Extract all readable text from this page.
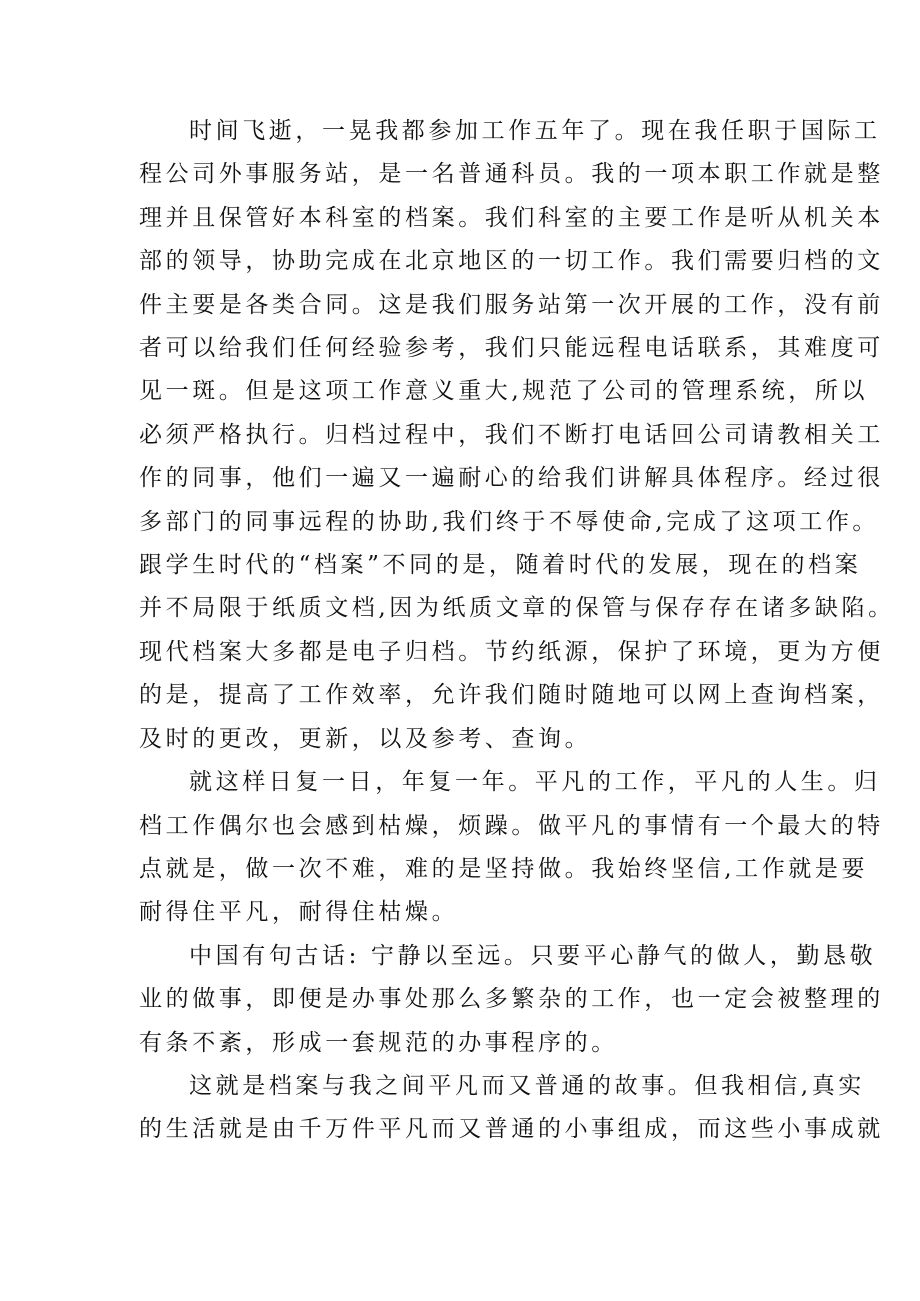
时间飞逝，一晃我都参加工作五年了。现在我任职于国际工
程公司外事服务站，是一名普通科员。我的一项本职工作就是整
理并且保管好本科室的档案。我们科室的主要工作是听从机关本
部的领导，协助完成在北京地区的一切工作。我们需要归档的文
件主要是各类合同。这是我们服务站第一次开展的工作，没有前
者可以给我们任何经验参考，我们只能远程电话联系，其难度可
见一斑。但是这项工作意义重大,规范了公司的管理系统，所以
必须严格执行。归档过程中，我们不断打电话回公司请教相关工
作的同事，他们一遍又一遍耐心的给我们讲解具体程序。经过很
多部门的同事远程的协助,我们终于不辱使命,完成了这项工作。
跟学生时代的“档案”不同的是，随着时代的发展，现在的档案
并不局限于纸质文档,因为纸质文章的保管与保存存在诸多缺陷。
现代档案大多都是电子归档。节约纸源，保护了环境，更为方便
的是，提高了工作效率，允许我们随时随地可以网上查询档案，
及时的更改，更新，以及参考、查询。
就这样日复一日，年复一年。平凡的工作，平凡的人生。归
档工作偶尔也会感到枯燥，烦躁。做平凡的事情有一个最大的特
点就是，做一次不难，难的是坚持做。我始终坚信,工作就是要
耐得住平凡，耐得住枯燥。
中国有句古话: 宁静以至远。只要平心静气的做人，勤恳敬
业的做事，即便是办事处那么多繁杂的工作，也一定会被整理的
有条不紊，形成一套规范的办事程序的。
这就是档案与我之间平凡而又普通的故事。但我相信,真实
的生活就是由千万件平凡而又普通的小事组成，而这些小事成就
